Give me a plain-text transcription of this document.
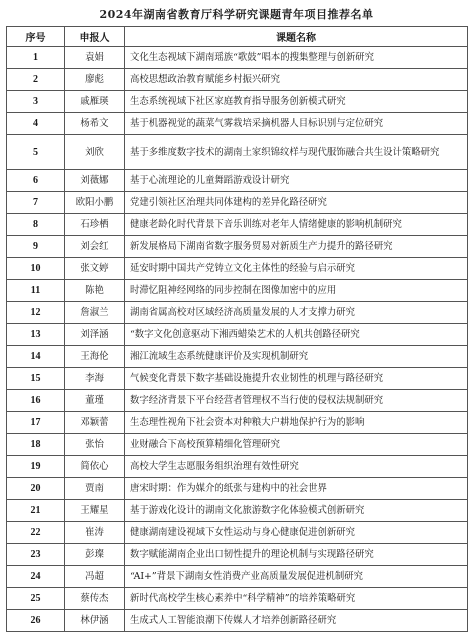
2024年湖南省教育厅科学研究课题青年项目推荐名单
序号	申报人	课题名称
1	袁娟	文化生态视域下湖南瑶族“歌鼓”唱本的搜集整理与创新研究
2	廖彪	高校思想政治教育赋能乡村振兴研究
3	戚雁瑛	生态系统视域下社区家庭教育指导服务创新模式研究
4	杨希文	基于机器视觉的蔬菜气雾栽培采摘机器人目标识别与定位研究
5	刘欣	基于多维度数字技术的湖南土家织锦纹样与现代服饰融合共生设计策略研究
6	刘薇娜	基于心流理论的儿童舞蹈游戏设计研究
7	欧阳小鹏	党建引领社区治理共同体建构的差异化路径研究
8	石珍栖	健康老龄化时代背景下音乐训练对老年人情绪健康的影响机制研究
9	刘会红	新发展格局下湖南省数字服务贸易对新质生产力提升的路径研究
10	张文婷	延安时期中国共产党铸立文化主体性的经验与启示研究
11	陈艳	时滞忆阻神经网络的同步控制在图像加密中的应用
12	詹淑兰	湖南省属高校对区域经济高质量发展的人才支撑力研究
13	刘泽涵	“数字文化创意驱动下湘西蜡染艺术的人机共创路径研究
14	王海伦	湘江流域生态系统健康评价及实现机制研究
15	李海	气候变化背景下数字基础设施提升农业韧性的机理与路径研究
16	董瑾	数字经济背景下平台经营者管理权不当行使的侵权法规制研究
17	邓颖蕾	生态理性视角下社会资本对种粮大户耕地保护行为的影响
18	张怡	业财融合下高校预算精细化管理研究
19	简依心	高校大学生志愿服务组织治理有效性研究
20	贾南	唐宋时期：作为媒介的纸张与建构中的社会世界
21	王耀星	基于游戏化设计的湖南文化旅游数字化体验模式创新研究
22	崔涛	健康湖南建设视域下女性运动与身心健康促进创新研究
23	彭璨	数字赋能湖南企业出口韧性提升的理论机制与实现路径研究
24	冯超	“AI+”背景下湖南女性消费产业高质量发展促进机制研究
25	蔡传杰	新时代高校学生核心素养中“科学精神”的培养策略研究
26	林伊涵	生成式人工智能浪潮下传媒人才培养创新路径研究
